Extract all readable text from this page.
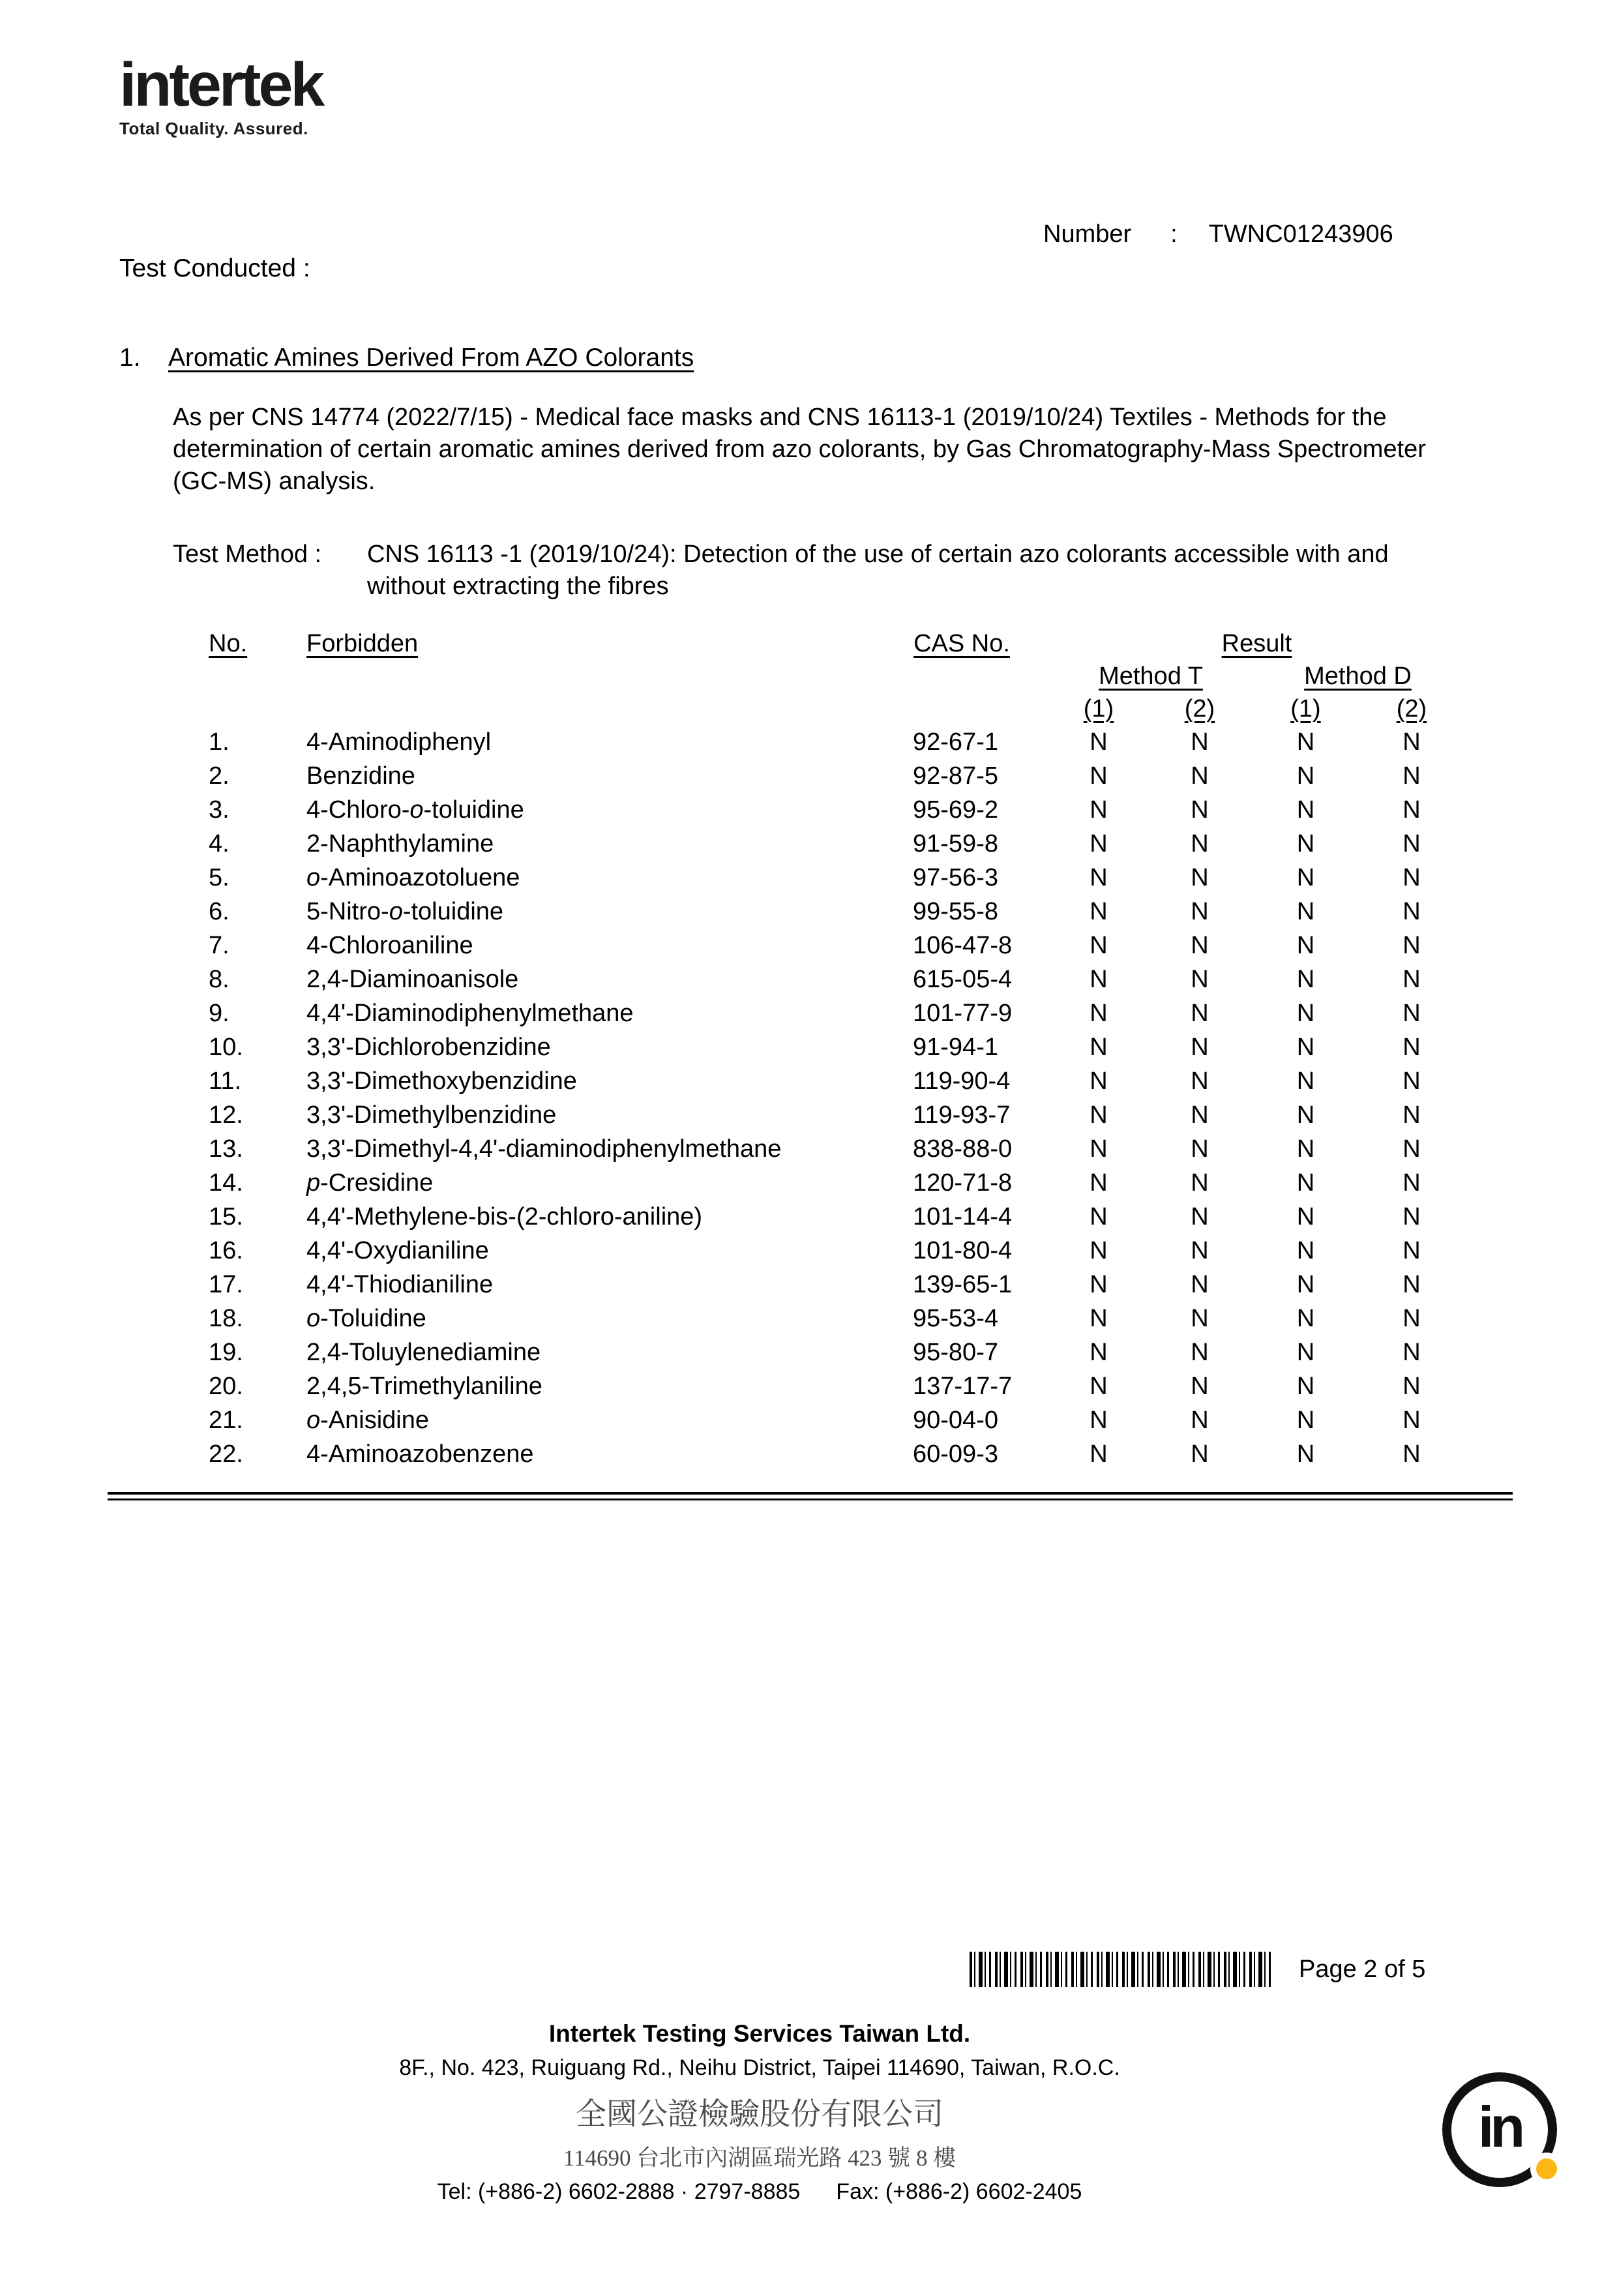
intertek
Total Quality. Assured.
Number : TWNC01243906
Test Conducted :
1. Aromatic Amines Derived From AZO Colorants

As per CNS 14774 (2022/7/15) - Medical face masks and CNS 16113-1 (2019/10/24) Textiles - Methods for the determination of certain aromatic amines derived from azo colorants, by Gas Chromatography-Mass Spectrometer (GC-MS) analysis.

Test Method :	CNS 16113 -1 (2019/10/24): Detection of the use of certain azo colorants accessible with and without extracting the fibres
No.	Forbidden	CAS No.	Result
Method T	Method D
(1)	(2)	(1)	(2)
1.	4-Aminodiphenyl	92-67-1	N	N	N	N
2.	Benzidine	92-87-5	N	N	N	N
3.	4-Chloro-o-toluidine	95-69-2	N	N	N	N
4.	2-Naphthylamine	91-59-8	N	N	N	N
5.	o-Aminoazotoluene	97-56-3	N	N	N	N
6.	5-Nitro-o-toluidine	99-55-8	N	N	N	N
7.	4-Chloroaniline	106-47-8	N	N	N	N
8.	2,4-Diaminoanisole	615-05-4	N	N	N	N
9.	4,4'-Diaminodiphenylmethane	101-77-9	N	N	N	N
10.	3,3'-Dichlorobenzidine	91-94-1	N	N	N	N
11.	3,3'-Dimethoxybenzidine	119-90-4	N	N	N	N
12.	3,3'-Dimethylbenzidine	119-93-7	N	N	N	N
13.	3,3'-Dimethyl-4,4'-diaminodiphenylmethane	838-88-0	N	N	N	N
14.	p-Cresidine	120-71-8	N	N	N	N
15.	4,4'-Methylene-bis-(2-chloro-aniline)	101-14-4	N	N	N	N
16.	4,4'-Oxydianiline	101-80-4	N	N	N	N
17.	4,4'-Thiodianiline	139-65-1	N	N	N	N
18.	o-Toluidine	95-53-4	N	N	N	N
19.	2,4-Toluylenediamine	95-80-7	N	N	N	N
20.	2,4,5-Trimethylaniline	137-17-7	N	N	N	N
21.	o-Anisidine	90-04-0	N	N	N	N
22.	4-Aminoazobenzene	60-09-3	N	N	N	N
Page 2 of 5
Intertek Testing Services Taiwan Ltd.
8F., No. 423, Ruiguang Rd., Neihu District, Taipei 114690, Taiwan, R.O.C.
全國公證檢驗股份有限公司
114690 台北市內湖區瑞光路 423 號 8 樓
Tel: (+886-2) 6602-2888 · 2797-8885 Fax: (+886-2) 6602-2405
in
